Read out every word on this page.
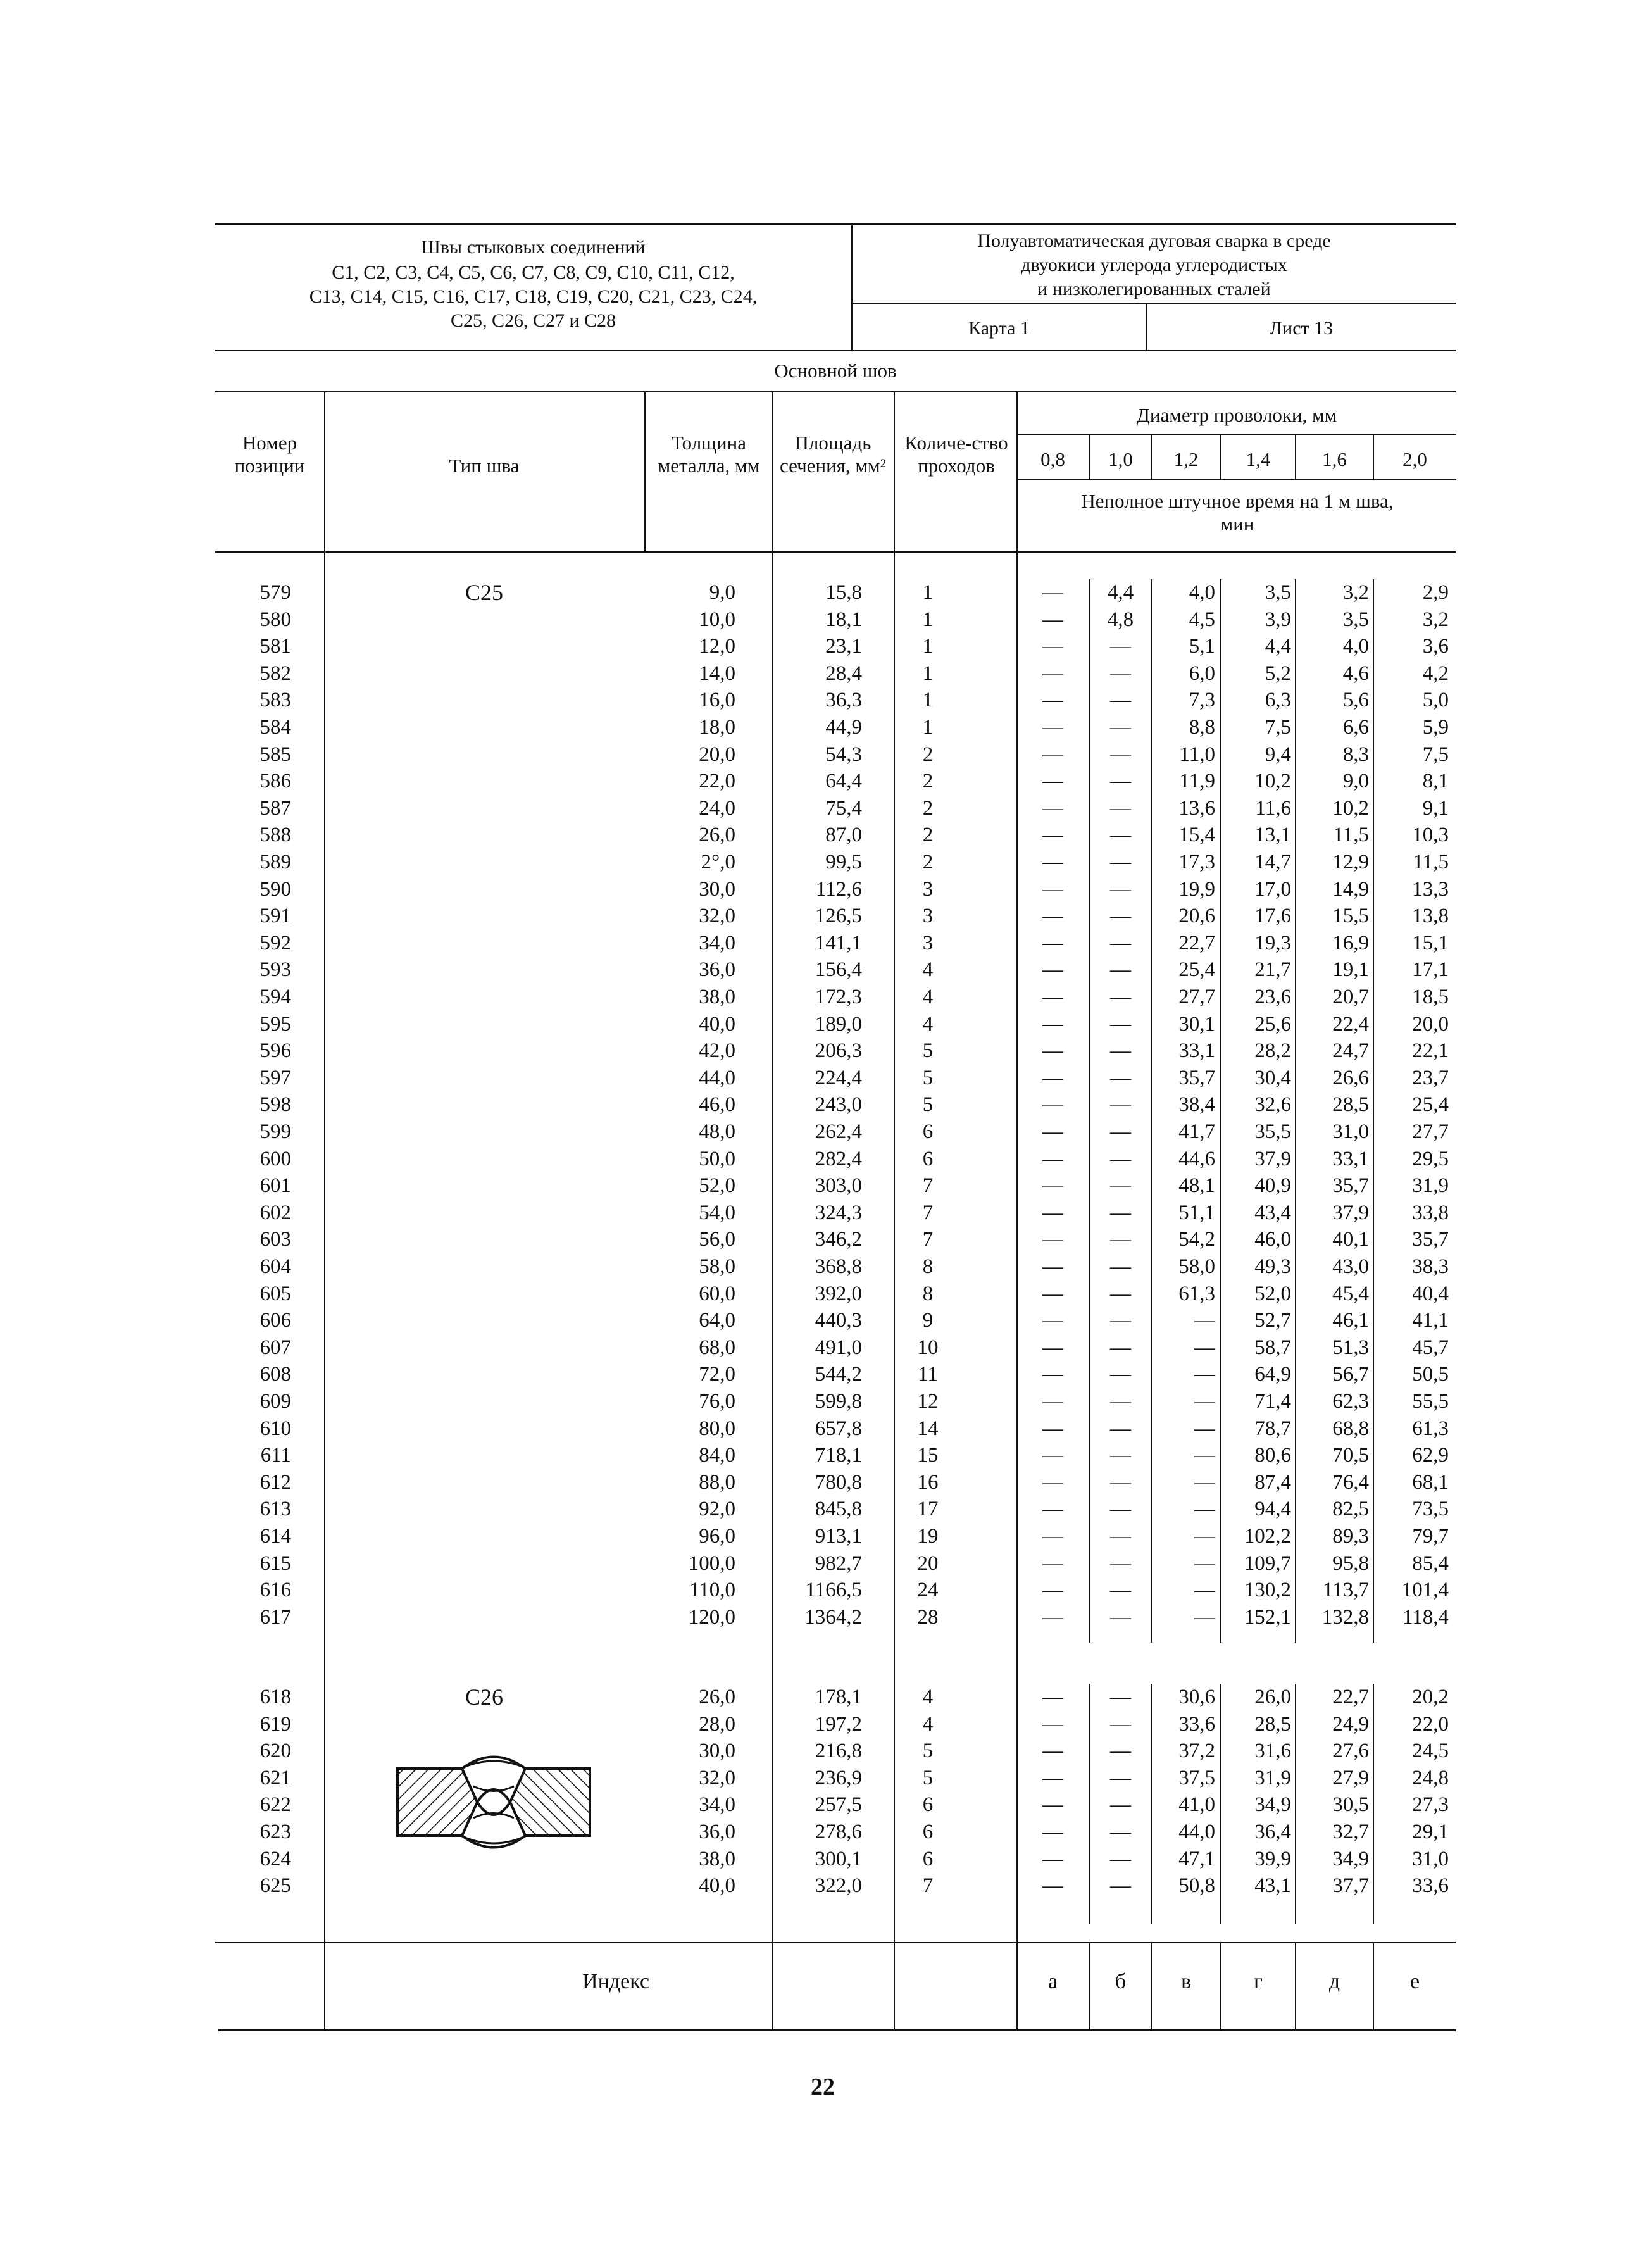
Швы стыковых соединений
С1, С2, С3, С4, С5, С6, С7, С8, С9, С10, С11, С12,
С13, С14, С15, С16, С17, С18, С19, С20, С21, С23, С24,
С25, С26, С27 и С28
Полуавтоматическая дуговая сварка в среде
двуокиси углерода углеродистых
и низколегированных сталей
Карта 1	Лист 13
Основной шов
Номер позиции	Тип шва
Толщина металла, мм
Площадь сечения, мм²
Количе-ство проходов
Диаметр проволоки, мм
0,8	1,0	1,2	1,4	1,6	2,0
Неполное штучное время на 1 м шва, мин
С25
579	9,0	15,8	1	—	4,4	4,0	3,5	3,2	2,9
580	10,0	18,1	1	—	4,8	4,5	3,9	3,5	3,2
581	12,0	23,1	1	—	—	5,1	4,4	4,0	3,6
582	14,0	28,4	1	—	—	6,0	5,2	4,6	4,2
583	16,0	36,3	1	—	—	7,3	6,3	5,6	5,0
584	18,0	44,9	1	—	—	8,8	7,5	6,6	5,9
585	20,0	54,3	2	—	—	11,0	9,4	8,3	7,5
586	22,0	64,4	2	—	—	11,9	10,2	9,0	8,1
587	24,0	75,4	2	—	—	13,6	11,6	10,2	9,1
588	26,0	87,0	2	—	—	15,4	13,1	11,5	10,3
589	2°,0	99,5	2	—	—	17,3	14,7	12,9	11,5
590	30,0	112,6	3	—	—	19,9	17,0	14,9	13,3
591	32,0	126,5	3	—	—	20,6	17,6	15,5	13,8
592	34,0	141,1	3	—	—	22,7	19,3	16,9	15,1
593	36,0	156,4	4	—	—	25,4	21,7	19,1	17,1
594	38,0	172,3	4	—	—	27,7	23,6	20,7	18,5
595	40,0	189,0	4	—	—	30,1	25,6	22,4	20,0
596	42,0	206,3	5	—	—	33,1	28,2	24,7	22,1
597	44,0	224,4	5	—	—	35,7	30,4	26,6	23,7
598	46,0	243,0	5	—	—	38,4	32,6	28,5	25,4
599	48,0	262,4	6	—	—	41,7	35,5	31,0	27,7
600	50,0	282,4	6	—	—	44,6	37,9	33,1	29,5
601	52,0	303,0	7	—	—	48,1	40,9	35,7	31,9
602	54,0	324,3	7	—	—	51,1	43,4	37,9	33,8
603	56,0	346,2	7	—	—	54,2	46,0	40,1	35,7
604	58,0	368,8	8	—	—	58,0	49,3	43,0	38,3
605	60,0	392,0	8	—	—	61,3	52,0	45,4	40,4
606	64,0	440,3	9	—	—	—	52,7	46,1	41,1
607	68,0	491,0	10	—	—	—	58,7	51,3	45,7
608	72,0	544,2	11	—	—	—	64,9	56,7	50,5
609	76,0	599,8	12	—	—	—	71,4	62,3	55,5
610	80,0	657,8	14	—	—	—	78,7	68,8	61,3
611	84,0	718,1	15	—	—	—	80,6	70,5	62,9
612	88,0	780,8	16	—	—	—	87,4	76,4	68,1
613	92,0	845,8	17	—	—	—	94,4	82,5	73,5
614	96,0	913,1	19	—	—	—	102,2	89,3	79,7
615	100,0	982,7	20	—	—	—	109,7	95,8	85,4
616	110,0	1166,5	24	—	—	—	130,2	113,7	101,4
617	120,0	1364,2	28	—	—	—	152,1	132,8	118,4
С26
618	26,0	178,1	4	—	—	30,6	26,0	22,7	20,2
619	28,0	197,2	4	—	—	33,6	28,5	24,9	22,0
620	30,0	216,8	5	—	—	37,2	31,6	27,6	24,5
621	32,0	236,9	5	—	—	37,5	31,9	27,9	24,8
622	34,0	257,5	6	—	—	41,0	34,9	30,5	27,3
623	36,0	278,6	6	—	—	44,0	36,4	32,7	29,1
624	38,0	300,1	6	—	—	47,1	39,9	34,9	31,0
625	40,0	322,0	7	—	—	50,8	43,1	37,7	33,6
Индекс	а	б	в	г	д	е
22
